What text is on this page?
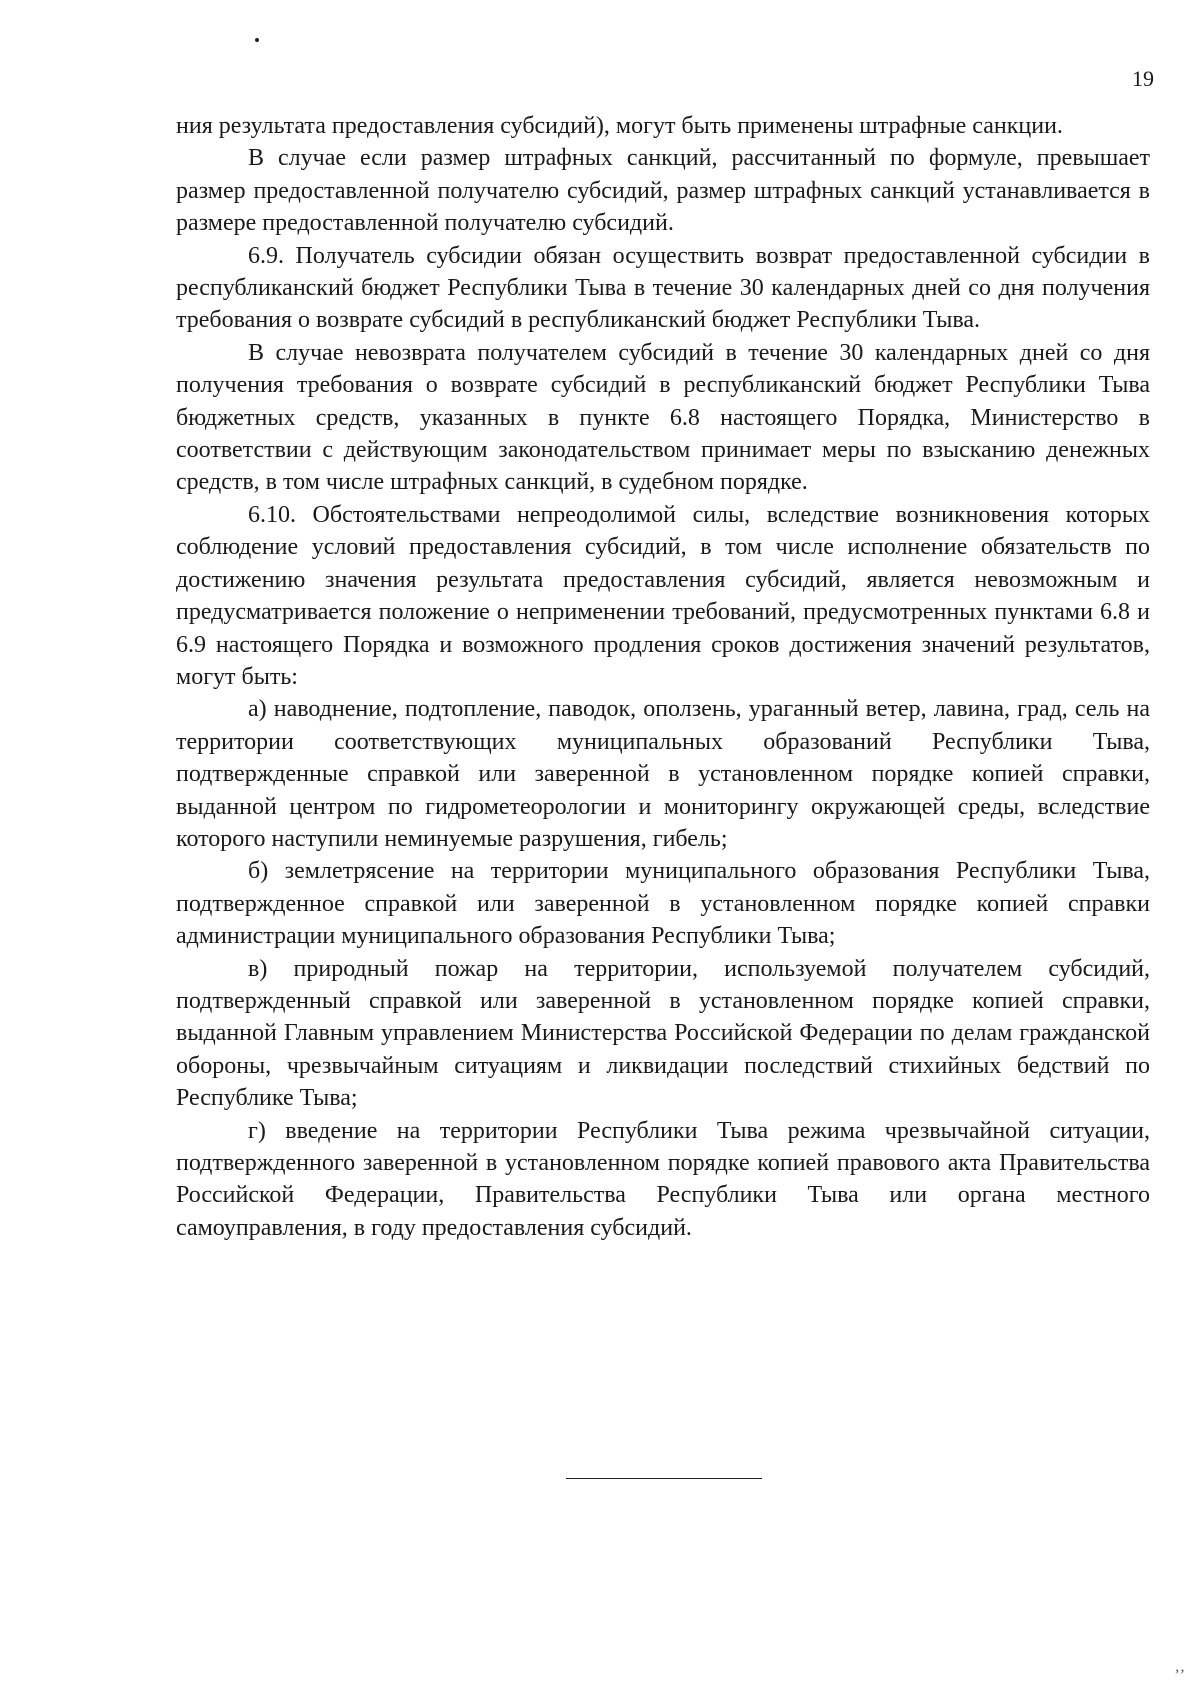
19

ния результата предоставления субсидий), могут быть применены штрафные санкции.

В случае если размер штрафных санкций, рассчитанный по формуле, превышает размер предоставленной получателю субсидий, размер штрафных санкций устанавливается в размере предоставленной получателю субсидий.

6.9. Получатель субсидии обязан осуществить возврат предоставленной субсидии в республиканский бюджет Республики Тыва в течение 30 календарных дней со дня получения требования о возврате субсидий в республиканский бюджет Республики Тыва.

В случае невозврата получателем субсидий в течение 30 календарных дней со дня получения требования о возврате субсидий в республиканский бюджет Республики Тыва бюджетных средств, указанных в пункте 6.8 настоящего Порядка, Министерство в соответствии с действующим законодательством принимает меры по взысканию денежных средств, в том числе штрафных санкций, в судебном порядке.

6.10. Обстоятельствами непреодолимой силы, вследствие возникновения которых соблюдение условий предоставления субсидий, в том числе исполнение обязательств по достижению значения результата предоставления субсидий, является невозможным и предусматривается положение о неприменении требований, предусмотренных пунктами 6.8 и 6.9 настоящего Порядка и возможного продления сроков достижения значений результатов, могут быть:

а) наводнение, подтопление, паводок, оползень, ураганный ветер, лавина, град, сель на территории соответствующих муниципальных образований Республики Тыва, подтвержденные справкой или заверенной в установленном порядке копией справки, выданной центром по гидрометеорологии и мониторингу окружающей среды, вследствие которого наступили неминуемые разрушения, гибель;

б) землетрясение на территории муниципального образования Республики Тыва, подтвержденное справкой или заверенной в установленном порядке копией справки администрации муниципального образования Республики Тыва;

в) природный пожар на территории, используемой получателем субсидий, подтвержденный справкой или заверенной в установленном порядке копией справки, выданной Главным управлением Министерства Российской Федерации по делам гражданской обороны, чрезвычайным ситуациям и ликвидации последствий стихийных бедствий по Республике Тыва;

г) введение на территории Республики Тыва режима чрезвычайной ситуации, подтвержденного заверенной в установленном порядке копией правового акта Правительства Российской Федерации, Правительства Республики Тыва или органа местного самоуправления, в году предоставления субсидий.

ʼʼ
